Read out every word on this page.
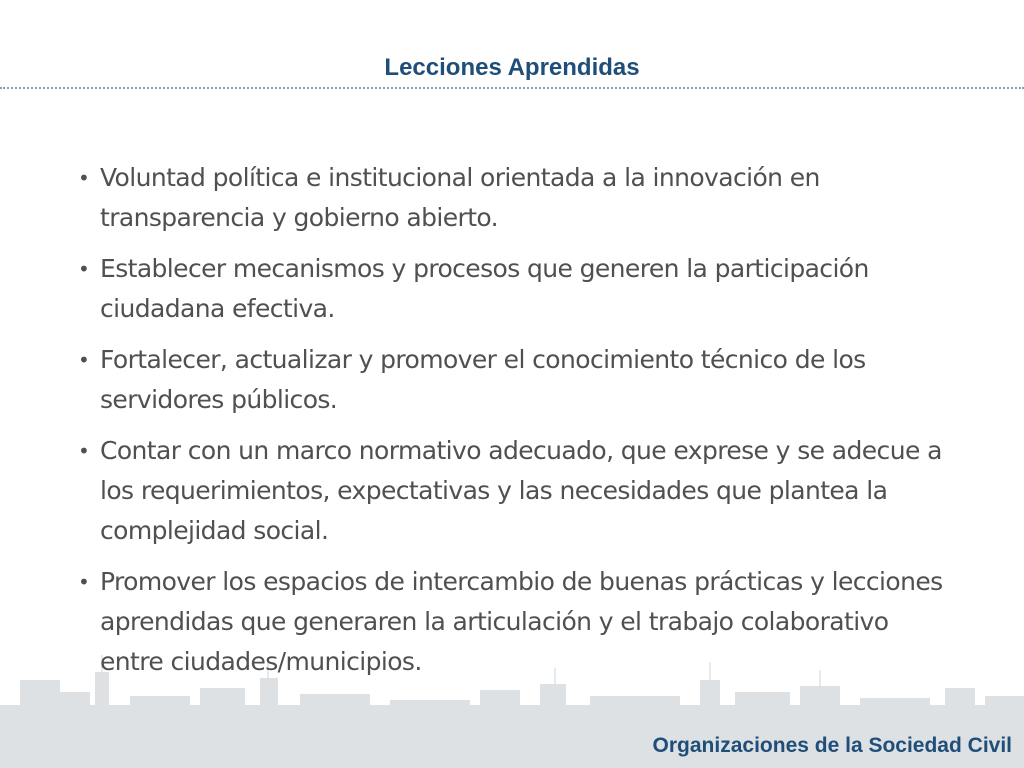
Lecciones Aprendidas
• Voluntad política e institucional orientada a la innovación en transparencia y gobierno abierto.
• Establecer mecanismos y procesos que generen la participación ciudadana efectiva.
• Fortalecer, actualizar y promover el conocimiento técnico de los servidores públicos.
• Contar con un marco normativo adecuado, que exprese y se adecue a los requerimientos, expectativas y las necesidades que plantea la complejidad social.
• Promover los espacios de intercambio de buenas prácticas y lecciones aprendidas que generaren la articulación y el trabajo colaborativo entre ciudades/municipios.
Organizaciones de la Sociedad Civil
